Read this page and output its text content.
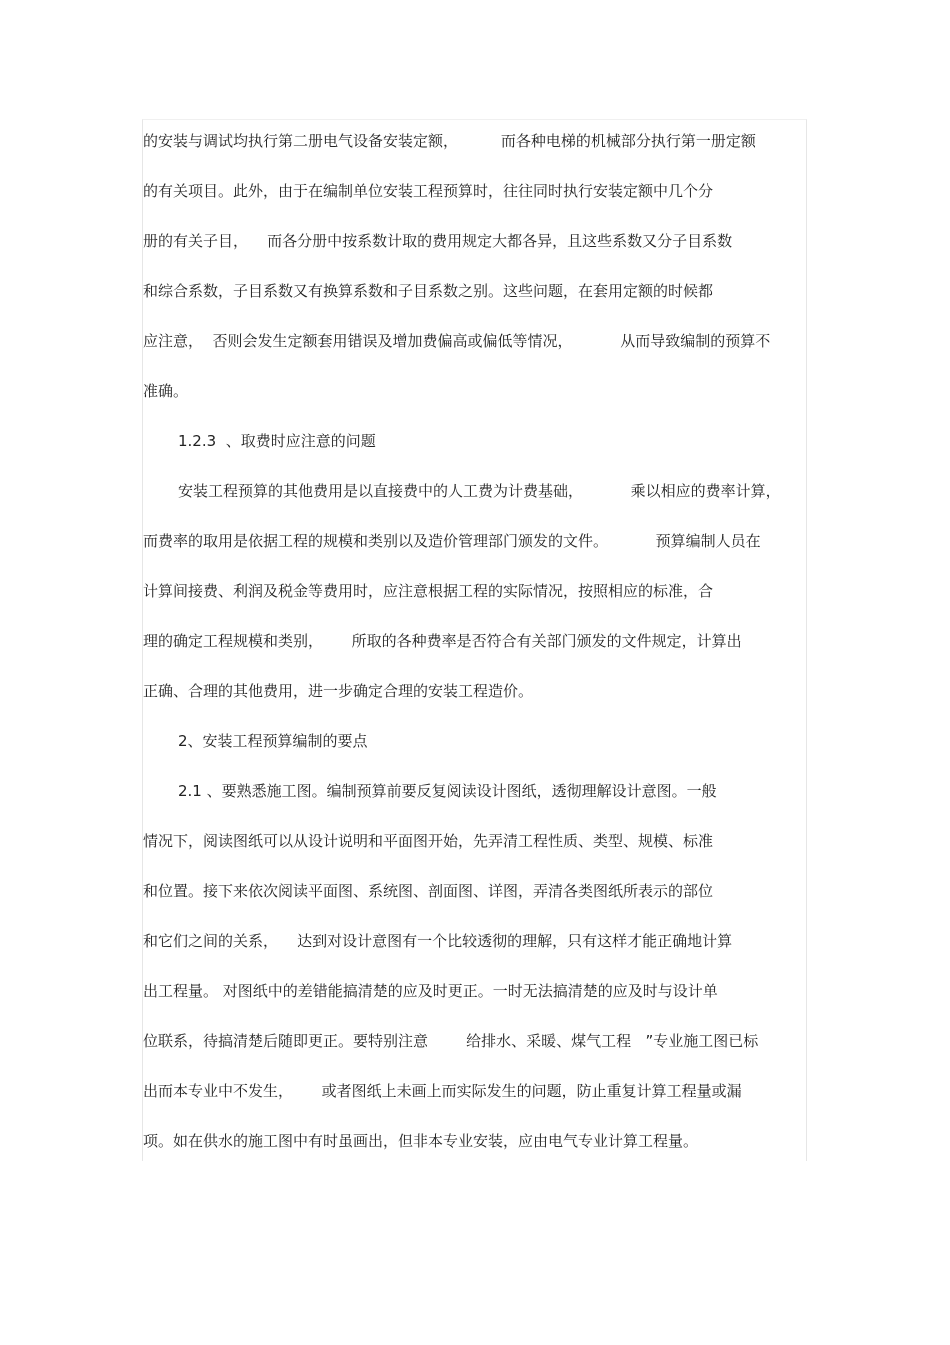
的安装与调试均执行第二册电气设备安装定额，         而各种电梯的机械部分执行第一册定额
的有关项目。此外，由于在编制单位安装工程预算时，往往同时执行安装定额中几个分
册的有关子目，    而各分册中按系数计取的费用规定大都各异，且这些系数又分子目系数
和综合系数，子目系数又有换算系数和子目系数之别。这些问题，在套用定额的时候都
应注意，  否则会发生定额套用错误及增加费偏高或偏低等情况，          从而导致编制的预算不
准确。
1.2.3  、取费时应注意的问题
安装工程预算的其他费用是以直接费中的人工费为计费基础，          乘以相应的费率计算，
而费率的取用是依据工程的规模和类别以及造价管理部门颁发的文件。          预算编制人员在
计算间接费、利润及税金等费用时，应注意根据工程的实际情况，按照相应的标准，合
理的确定工程规模和类别，      所取的各种费率是否符合有关部门颁发的文件规定，计算出
正确、合理的其他费用，进一步确定合理的安装工程造价。
2、安装工程预算编制的要点
2.1 、要熟悉施工图。编制预算前要反复阅读设计图纸，透彻理解设计意图。一般
情况下，阅读图纸可以从设计说明和平面图开始，先弄清工程性质、类型、规模、标准
和位置。接下来依次阅读平面图、系统图、剖面图、详图，弄清各类图纸所表示的部位
和它们之间的关系，    达到对设计意图有一个比较透彻的理解，只有这样才能正确地计算
出工程量。 对图纸中的差错能搞清楚的应及时更正。一时无法搞清楚的应及时与设计单
位联系，待搞清楚后随即更正。要特别注意        给排水、采暖、煤气工程   ”专业施工图已标
出而本专业中不发生，      或者图纸上未画上而实际发生的问题，防止重复计算工程量或漏
项。如在供水的施工图中有时虽画出，但非本专业安装，应由电气专业计算工程量。
